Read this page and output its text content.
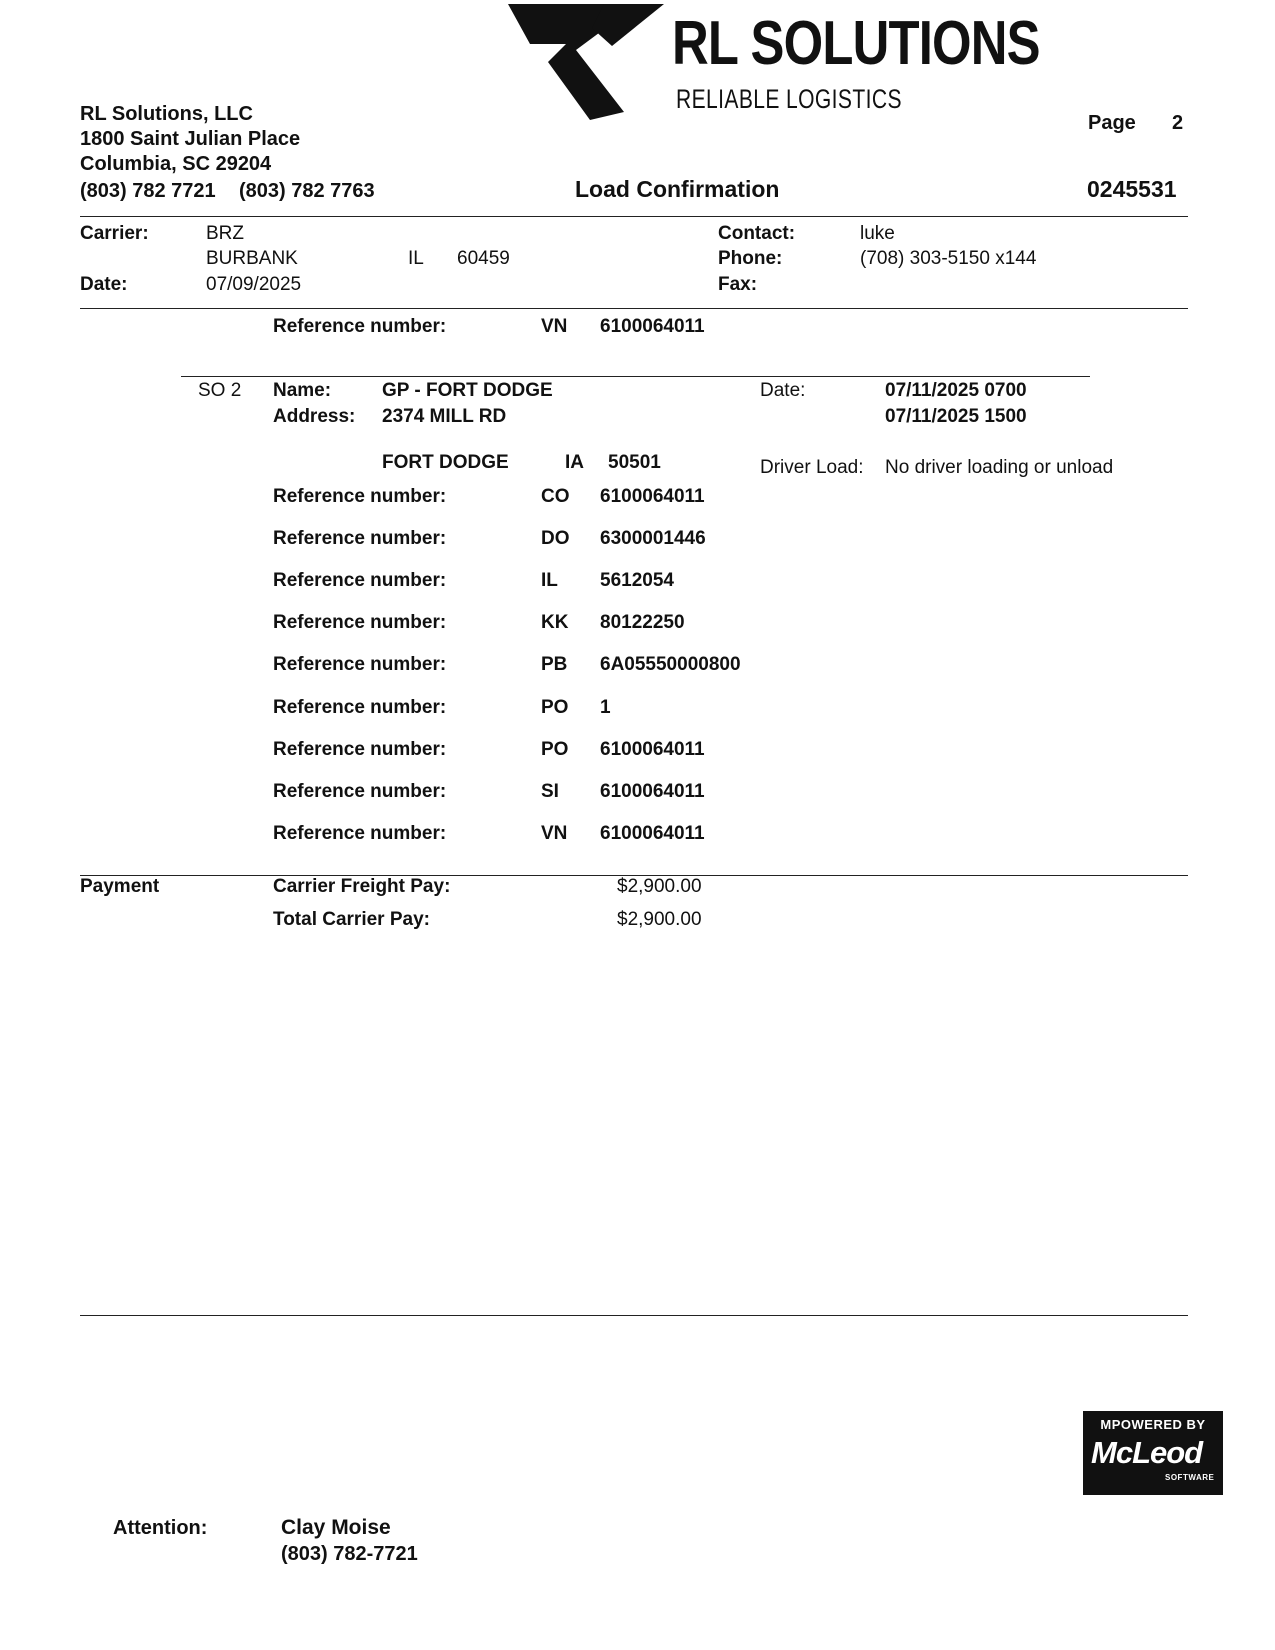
RL SOLUTIONS
RELIABLE LOGISTICS
RL Solutions, LLC
1800 Saint Julian Place
Columbia, SC 29204
(803) 782 7721 (803) 782 7763
Page 2
Load Confirmation	0245531
Carrier:	BRZ
BURBANK	IL 60459
Date:	07/09/2025
Contact:	luke
Phone:	(708) 303-5150 x144
Fax:
Reference number:	VN 6100064011
SO 2 Name:	GP - FORT DODGE
Address: 2374 MILL RD
FORT DODGE	IA 50501
Date:	07/11/2025 0700
07/11/2025 1500
Driver Load: No driver loading or unload
Reference number:	CO 6100064011
Reference number:	DO 6300001446
Reference number:	IL 5612054
Reference number:	KK 80122250
Reference number:	PB 6A05550000800
Reference number:	PO 1
Reference number:	PO 6100064011
Reference number:	SI 6100064011
Reference number:	VN 6100064011
Payment	Carrier Freight Pay:	$2,900.00
Total Carrier Pay:	$2,900.00
MPOWERED BY
McLeod
SOFTWARE
Attention:	Clay Moise
(803) 782-7721
